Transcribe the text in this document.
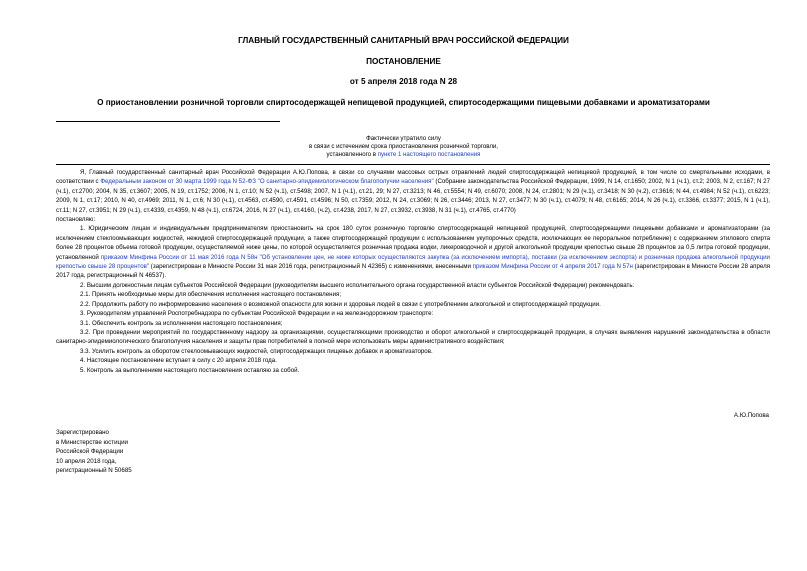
ГЛАВНЫЙ ГОСУДАРСТВЕННЫЙ САНИТАРНЫЙ ВРАЧ РОССИЙСКОЙ ФЕДЕРАЦИИ
ПОСТАНОВЛЕНИЕ
от 5 апреля 2018 года N 28
О приостановлении розничной торговли спиртосодержащей непищевой продукцией, спиртосодержащими пищевыми добавками и ароматизаторами
Фактически утратило силу
в связи с истечением срока приостановления розничной торговли,
установленного в пункте 1 настоящего постановления

Я, Главный государственный санитарный врач Российской Федерации А.Ю.Попова, в связи со случаями массовых острых отравлений людей спиртосодержащей непищевой продукцией, в том числе со смертельными исходами, в соответствии с Федеральным законом от 30 марта 1999 года N 52-ФЗ "О санитарно-эпидемиологическом благополучии населения" (Собрание законодательства Российской Федерации, 1999, N 14, ст.1650; 2002, N 1 (ч.1), ст.2; 2003, N 2, ст.167; N 27 (ч.1), ст.2700; 2004, N 35, ст.3607; 2005, N 19, ст.1752; 2006, N 1, ст.10; N 52 (ч.1), ст.5498; 2007, N 1 (ч.1), ст.21, 29; N 27, ст.3213; N 46, ст.5554; N 49, ст.6070; 2008, N 24, ст.2801; N 29 (ч.1), ст.3418; N 30 (ч.2), ст.3616; N 44, ст.4984; N 52 (ч.1), ст.6223; 2009, N 1, ст.17; 2010, N 40, ст.4969; 2011, N 1, ст.6; N 30 (ч.1), ст.4563, ст.4590, ст.4591, ст.4596; N 50, ст.7359; 2012, N 24, ст.3069; N 26, ст.3446; 2013, N 27, ст.3477; N 30 (ч.1), ст.4079; N 48, ст.6165; 2014, N 26 (ч.1), ст.3366, ст.3377; 2015, N 1 (ч.1), ст.11; N 27, ст.3951; N 29 (ч.1), ст.4339, ст.4359, N 48 (ч.1), ст.6724, 2016, N 27 (ч.1), ст.4160, (ч.2), ст.4238, 2017, N 27, ст.3932, ст.3938, N 31 (ч.1), ст.4765, ст.4770)

постановляю:

1. Юридическим лицам и индивидуальным предпринимателям приостановить на срок 180 суток розничную торговлю спиртосодержащей непищевой продукцией, спиртосодержащими пищевыми добавками и ароматизаторами (за исключением стеклоомывающих жидкостей, нежидкой спиртосодержащей продукции, а также спиртосодержащей продукции с использованием укупорочных средств, исключающих ее пероральное потребление) с содержанием этилового спирта более 28 процентов объема готовой продукции, осуществляемой ниже цены, по которой осуществляется розничная продажа водки, ликероводочной и другой алкогольной продукции крепостью свыше 28 процентов за 0,5 литра готовой продукции, установленной приказом Минфина России от 11 мая 2016 года N 58н "Об установлении цен, не ниже которых осуществляются закупка (за исключением импорта), поставки (за исключением экспорта) и розничная продажа алкогольной продукции крепостью свыше 28 процентов" (зарегистрирован в Минюсте России 31 мая 2016 года, регистрационный N 42365) с изменениями, внесенными приказом Минфина России от 4 апреля 2017 года N 57н (зарегистрирован в Минюсте России 28 апреля 2017 года, регистрационный N 46537).

2. Высшим должностным лицам субъектов Российской Федерации (руководителям высшего исполнительного органа государственной власти субъектов Российской Федерации) рекомендовать:

2.1. Принять необходимые меры для обеспечения исполнения настоящего постановления;

2.2. Продолжить работу по информированию населения о возможной опасности для жизни и здоровья людей в связи с употреблением алкогольной и спиртосодержащей продукции.

3. Руководителям управлений Роспотребнадзора по субъектам Российской Федерации и на железнодорожном транспорте:

3.1. Обеспечить контроль за исполнением настоящего постановления;

3.2. При проведении мероприятий по государственному надзору за организациями, осуществляющими производство и оборот алкогольной и спиртосодержащей продукции, в случаях выявления нарушений законодательства в области санитарно-эпидемиологического благополучия населения и защиты прав потребителей в полной мере использовать меры административного воздействия;

3.3. Усилить контроль за оборотом стеклоомывающих жидкостей, спиртосодержащих пищевых добавок и ароматизаторов.

4. Настоящее постановление вступает в силу с 20 апреля 2018 года.

5. Контроль за выполнением настоящего постановления оставляю за собой.

А.Ю.Попова
Зарегистрировано
в Министерстве юстиции
Российской Федерации
10 апреля 2018 года,
регистрационный N 50685
